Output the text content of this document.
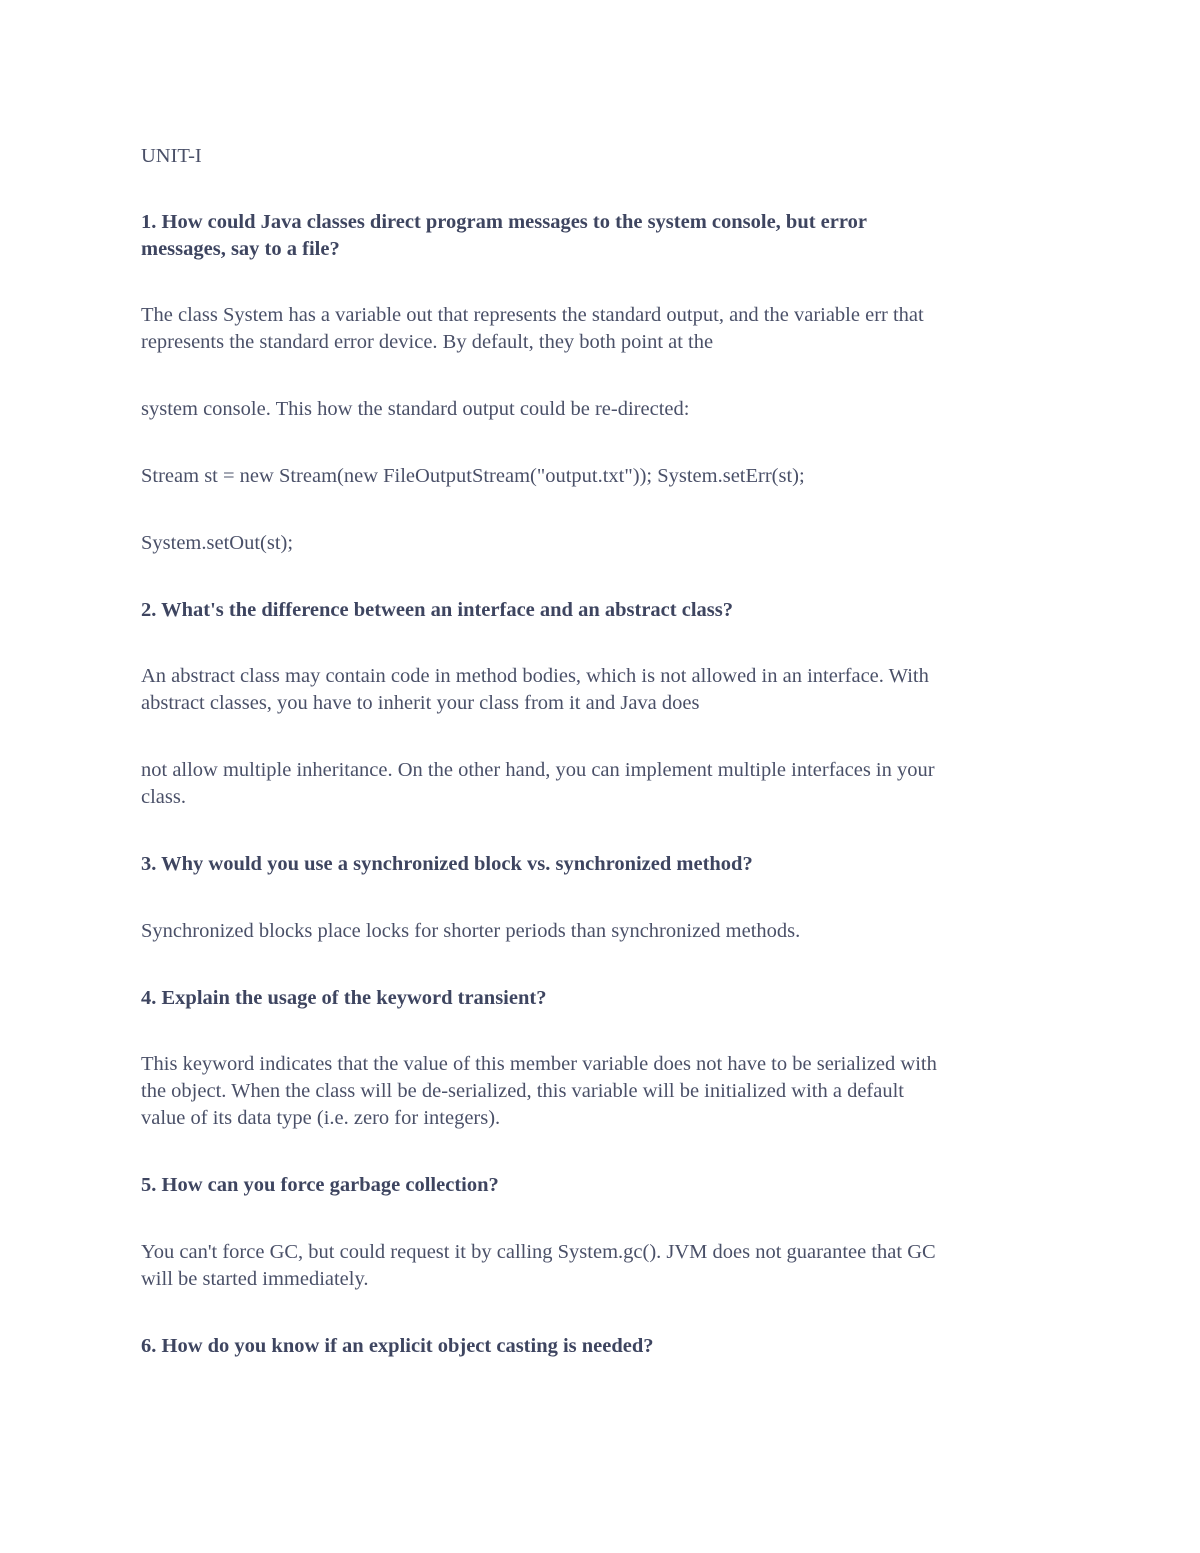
UNIT-I

1. How could Java classes direct program messages to the system console, but error

messages, say to a file?

The class System has a variable out that represents the standard output, and the variable err that

represents the standard error device. By default, they both point at the

system console. This how the standard output could be re-directed:

Stream st = new Stream(new FileOutputStream("output.txt")); System.setErr(st);

System.setOut(st);

2. What's the difference between an interface and an abstract class?

An abstract class may contain code in method bodies, which is not allowed in an interface. With

abstract classes, you have to inherit your class from it and Java does

not allow multiple inheritance. On the other hand, you can implement multiple interfaces in your

class.

3. Why would you use a synchronized block vs. synchronized method?

Synchronized blocks place locks for shorter periods than synchronized methods.

4. Explain the usage of the keyword transient?

This keyword indicates that the value of this member variable does not have to be serialized with

the object. When the class will be de-serialized, this variable will be initialized with a default

value of its data type (i.e. zero for integers).

5. How can you force garbage collection?

You can't force GC, but could request it by calling System.gc(). JVM does not guarantee that GC

will be started immediately.

6. How do you know if an explicit object casting is needed?
